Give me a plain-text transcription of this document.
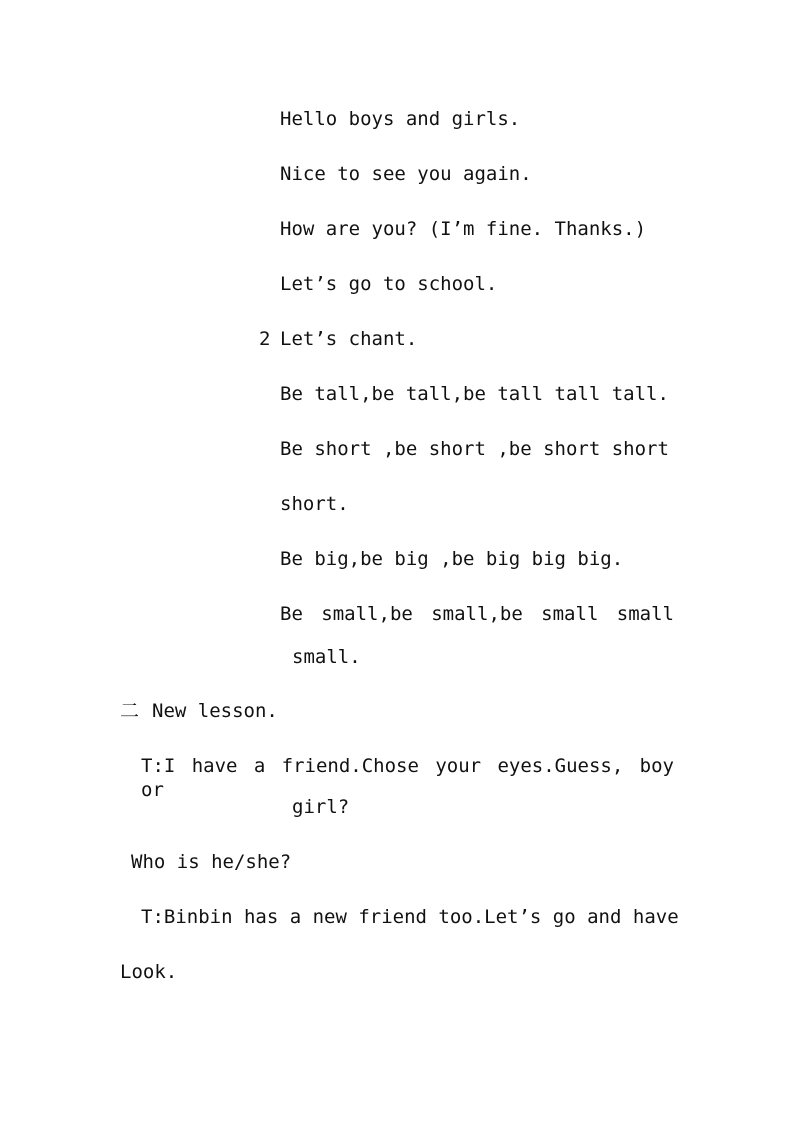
Hello boys and girls.

Nice to see you again.

How are you? (I’m fine. Thanks.)

Let’s go to school.

2 Let’s chant.

Be tall,be tall,be tall tall tall.

Be short ,be short ,be short short

short.

Be big,be big ,be big big big.

Be small,be small,be small small

small.

二 New lesson.

T:I have a friend.Chose your eyes.Guess, boy or

girl?

Who is he/she?

T:Binbin has a new friend too.Let’s go and have

Look.
